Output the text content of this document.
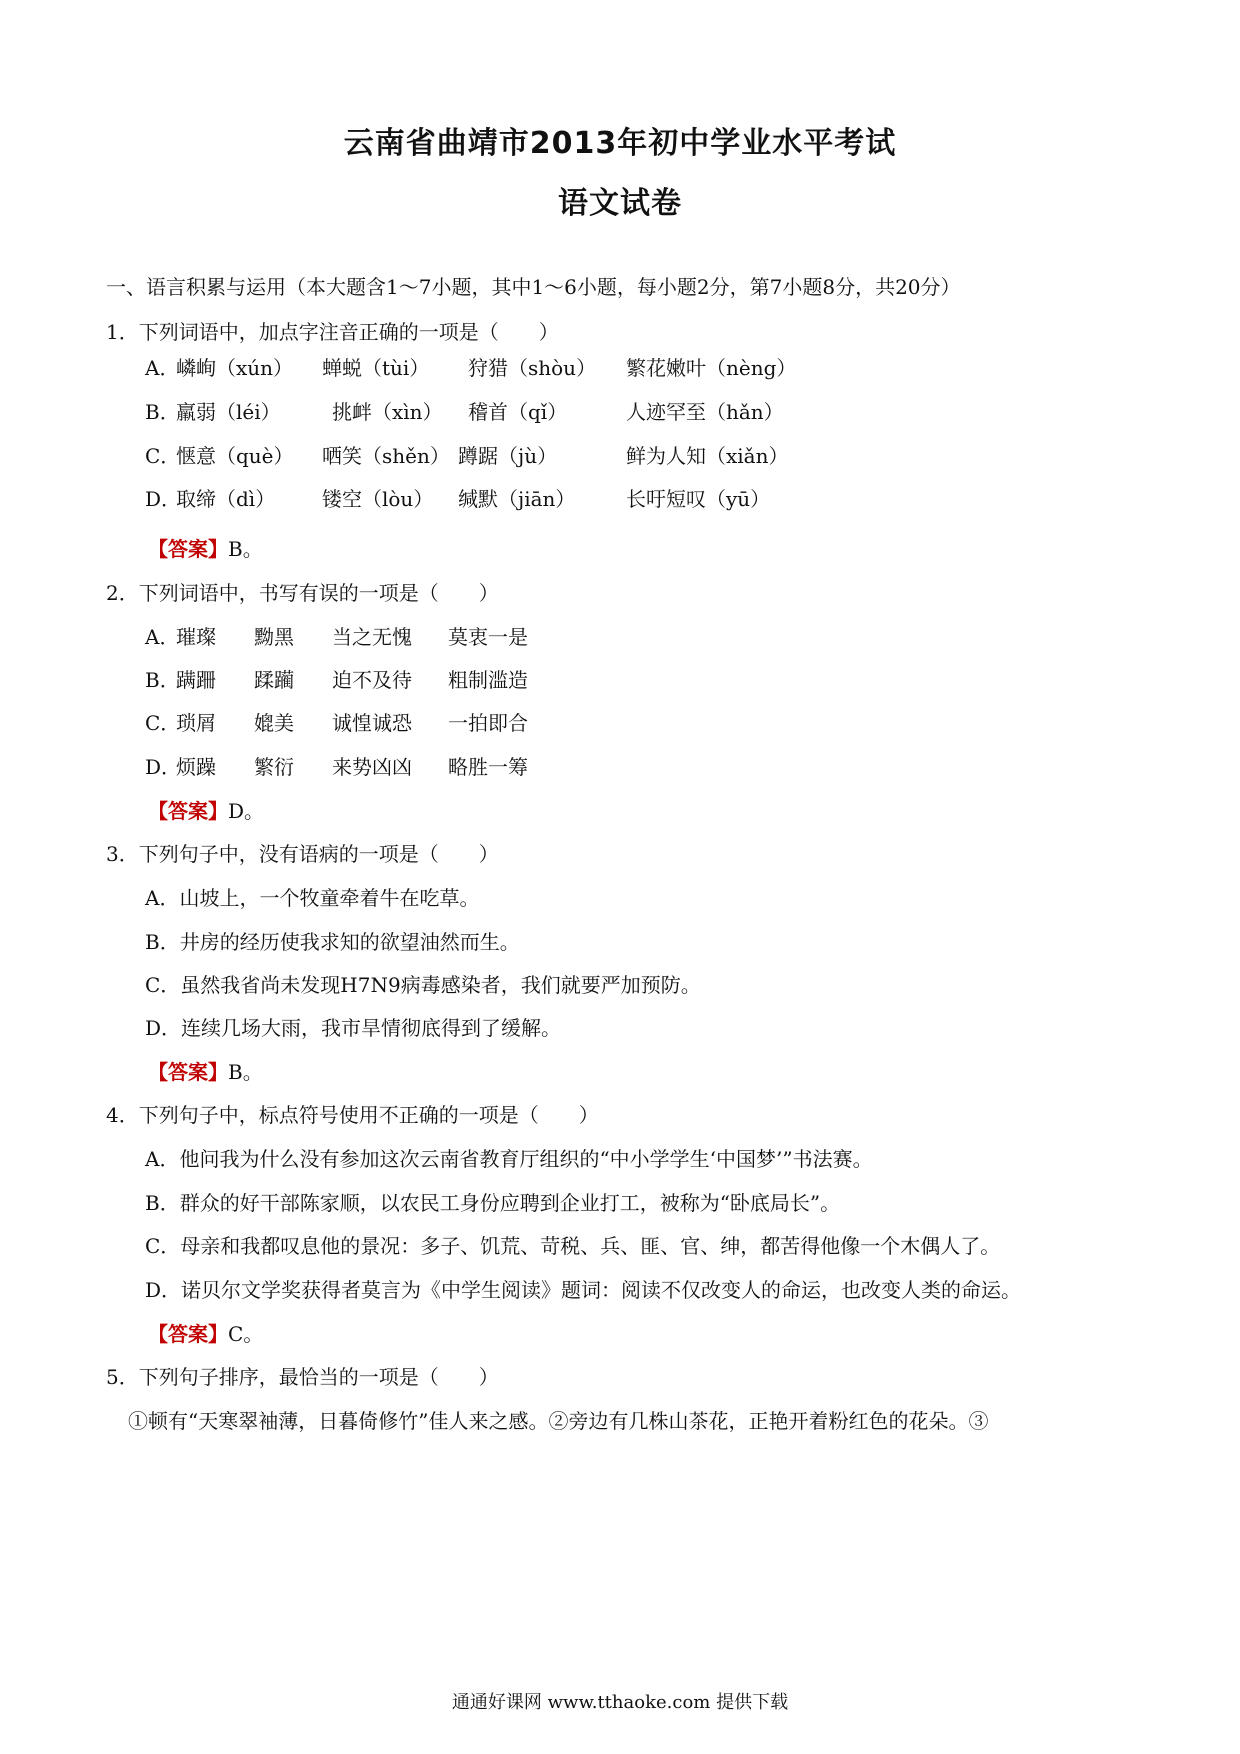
云南省曲靖市2013年初中学业水平考试
语文试卷
一、语言积累与运用（本大题含1～7小题，其中1～6小题，每小题2分，第7小题8分，共20分）
1．下列词语中，加点字注音正确的一项是（　　）
A．
嶙峋（xún） 蝉蜕（tùi） 狩猎（shòu） 繁花嫩叶（nèng）
B．
羸弱（léi）	挑衅（xìn） 稽首（qǐ）	人迹罕至（hǎn）
C．
惬意（què） 哂笑（shěn） 蹲踞（jù）	鲜为人知（xiǎn）
D．
取缔（dì） 镂空（lòu） 缄默（jiān）	长吁短叹（yū）
【答案】B。
2．下列词语中，书写有误的一项是（　　）
A．
璀璨 黝黑 当之无愧 莫衷一是
B．
蹒跚 蹂躏 迫不及待 粗制滥造
C．
琐屑 媲美 诚惶诚恐 一拍即合
D．
烦躁 繁衍 来势凶凶 略胜一筹
【答案】D。
3．下列句子中，没有语病的一项是（　　）
A．山坡上，一个牧童牵着牛在吃草。
B．井房的经历使我求知的欲望油然而生。
C．虽然我省尚未发现H7N9病毒感染者，我们就要严加预防。
D．连续几场大雨，我市旱情彻底得到了缓解。
【答案】B。
4．下列句子中，标点符号使用不正确的一项是（　　）
A．他问我为什么没有参加这次云南省教育厅组织的“中小学学生‘中国梦’”书法赛。
B．群众的好干部陈家顺，以农民工身份应聘到企业打工，被称为“卧底局长”。
C．母亲和我都叹息他的景况：多子、饥荒、苛税、兵、匪、官、绅，都苦得他像一个木偶人了。
D．诺贝尔文学奖获得者莫言为《中学生阅读》题词：阅读不仅改变人的命运，也改变人类的命运。
【答案】C。
5．下列句子排序，最恰当的一项是（　　）
①顿有“天寒翠袖薄，日暮倚修竹”佳人来之感。②旁边有几株山茶花，正艳开着粉红色的花朵。③
通通好课网 www.tthaoke.com 提供下载
